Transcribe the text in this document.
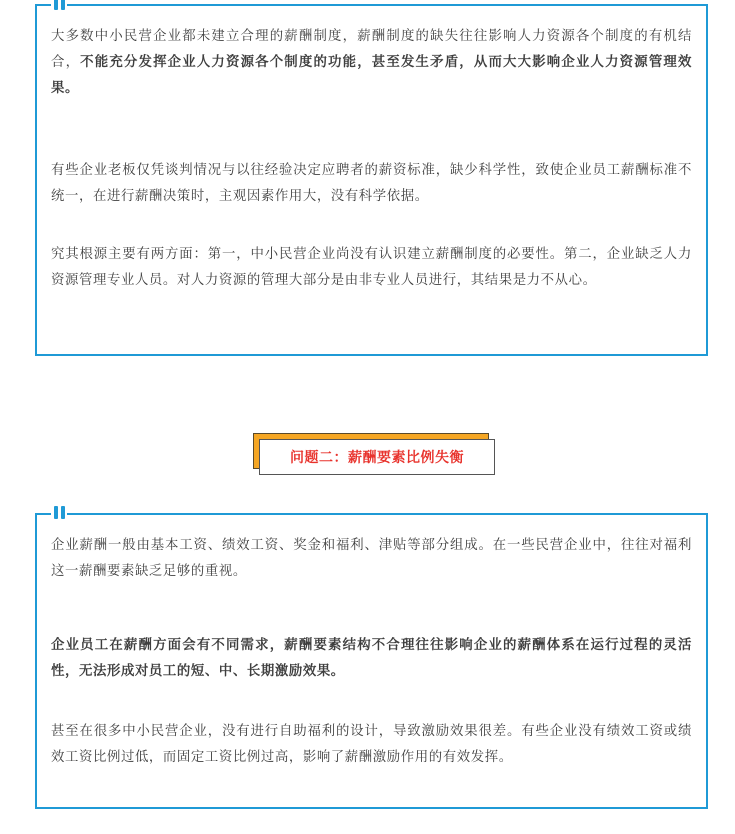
大多数中小民营企业都未建立合理的薪酬制度，薪酬制度的缺失往往影响人力资源各个制度的有机结合，不能充分发挥企业人力资源各个制度的功能，甚至发生矛盾，从而大大影响企业人力资源管理效果。

有些企业老板仅凭谈判情况与以往经验决定应聘者的薪资标准，缺少科学性，致使企业员工薪酬标准不统一，在进行薪酬决策时，主观因素作用大，没有科学依据。

究其根源主要有两方面：第一，中小民营企业尚没有认识建立薪酬制度的必要性。第二，企业缺乏人力资源管理专业人员。对人力资源的管理大部分是由非专业人员进行，其结果是力不从心。

问题二：薪酬要素比例失衡

企业薪酬一般由基本工资、绩效工资、奖金和福利、津贴等部分组成。在一些民营企业中，往往对福利这一薪酬要素缺乏足够的重视。

企业员工在薪酬方面会有不同需求，薪酬要素结构不合理往往影响企业的薪酬体系在运行过程的灵活性，无法形成对员工的短、中、长期激励效果。

甚至在很多中小民营企业，没有进行自助福利的设计，导致激励效果很差。有些企业没有绩效工资或绩效工资比例过低，而固定工资比例过高，影响了薪酬激励作用的有效发挥。
